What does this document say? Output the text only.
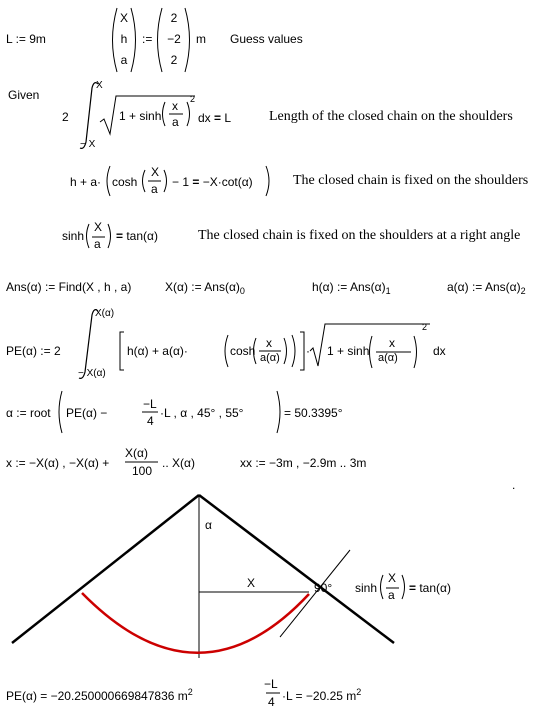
L := 9m
X
h
a
:=
2
−2
2
m Guess values
Given
2
X
− X
1 + sinh
x
a
2
dx = L	Length of the closed chain on the shoulders
h + a· cosh
X
a − 1 = −X·cot(α)	The closed chain is fixed on the shoulders
sinh
X
a
= tan(α)	The closed chain is fixed on the shoulders at a right angle
Ans(α) := Find(X , h , a)	X(α) := $Ans(\alpha)_0$	h(α) := $Ans(\alpha)_1$	a(α) := $Ans(\alpha)_2$
PE(α) := 2
X(α)
− X(α)
h(α) + a(α)·	cosh
x
a(α) · 1 + sinh
x
a(α)
2
dx
α := root PE(α) −
−L
4
·L , α , 45° , 55°	= 50.3395°
x := −X(α) , −X(α) +
X(α)
100
.. X(α)	xx := −3m , −2.9m .. 3m
.
α
X	90° sinh
X
a = tan(α)
PE(α) = −20.250000669847836 $m^2$
−L
4 ·L = −20.25 $m^2$
